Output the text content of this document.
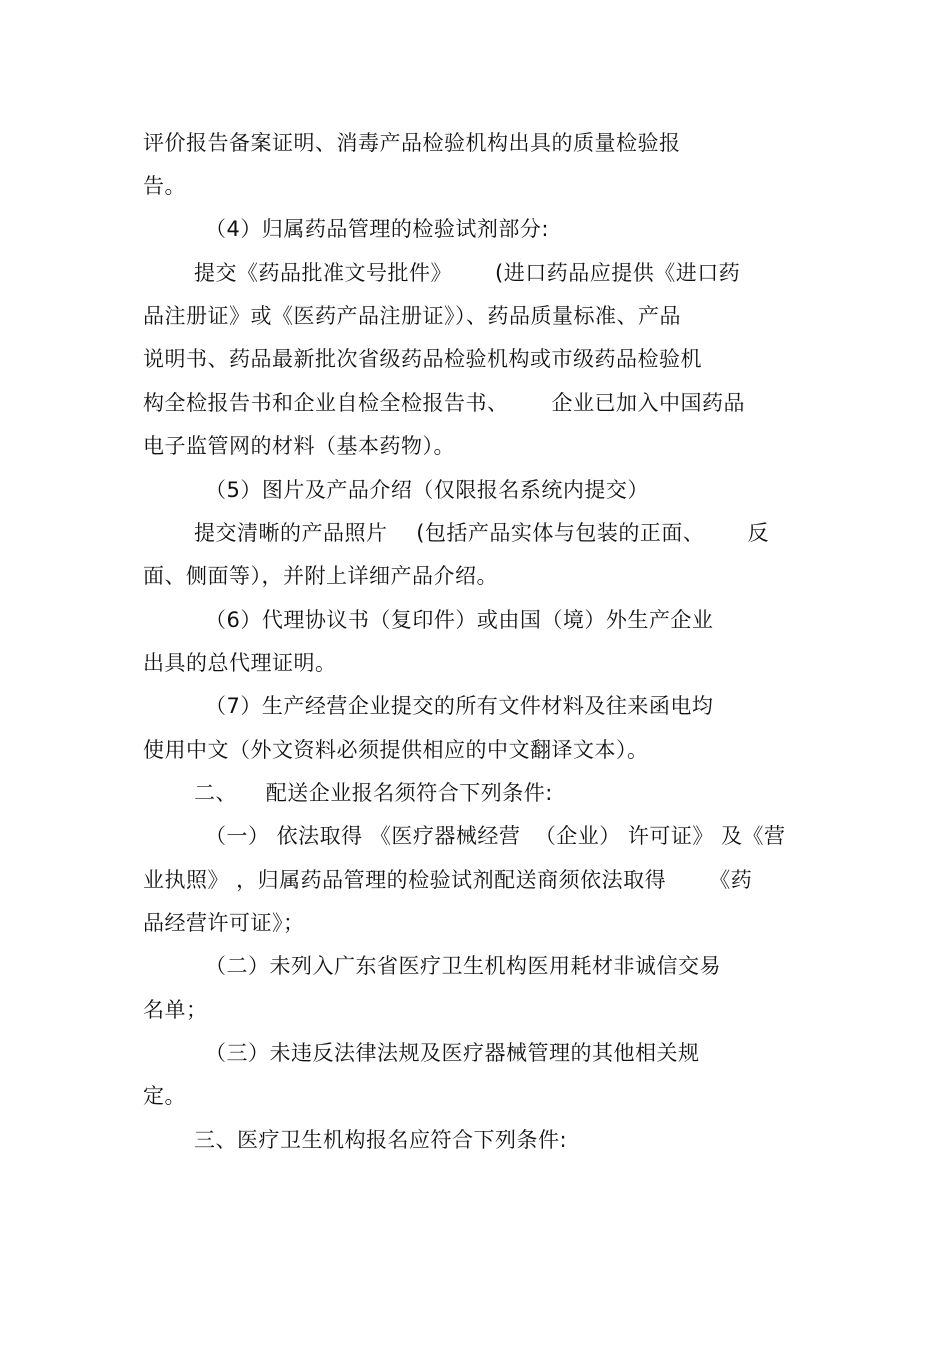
评价报告备案证明、消毒产品检验机构出具的质量检验报
告。
（4）归属药品管理的检验试剂部分:
提交《药品批准文号批件》      (进口药品应提供《进口药
品注册证》或《医药产品注册证》）、药品质量标准、产品
说明书、药品最新批次省级药品检验机构或市级药品检验机
构全检报告书和企业自检全检报告书、      企业已加入中国药品
电子监管网的材料（基本药物）。
（5）图片及产品介绍（仅限报名系统内提交）
提交清晰的产品照片    (包括产品实体与包装的正面、      反
面、侧面等），并附上详细产品介绍。
（6）代理协议书（复印件）或由国（境）外生产企业
出具的总代理证明。
（7）生产经营企业提交的所有文件材料及往来函电均
使用中文（外文资料必须提供相应的中文翻译文本）。
二、    配送企业报名须符合下列条件:
（一） 依法取得 《医疗器械经营  （企业） 许可证》 及《营
业执照》 ，归属药品管理的检验试剂配送商须依法取得      《药
品经营许可证》；
（二）未列入广东省医疗卫生机构医用耗材非诚信交易
名单；
（三）未违反法律法规及医疗器械管理的其他相关规
定。
三、医疗卫生机构报名应符合下列条件:
